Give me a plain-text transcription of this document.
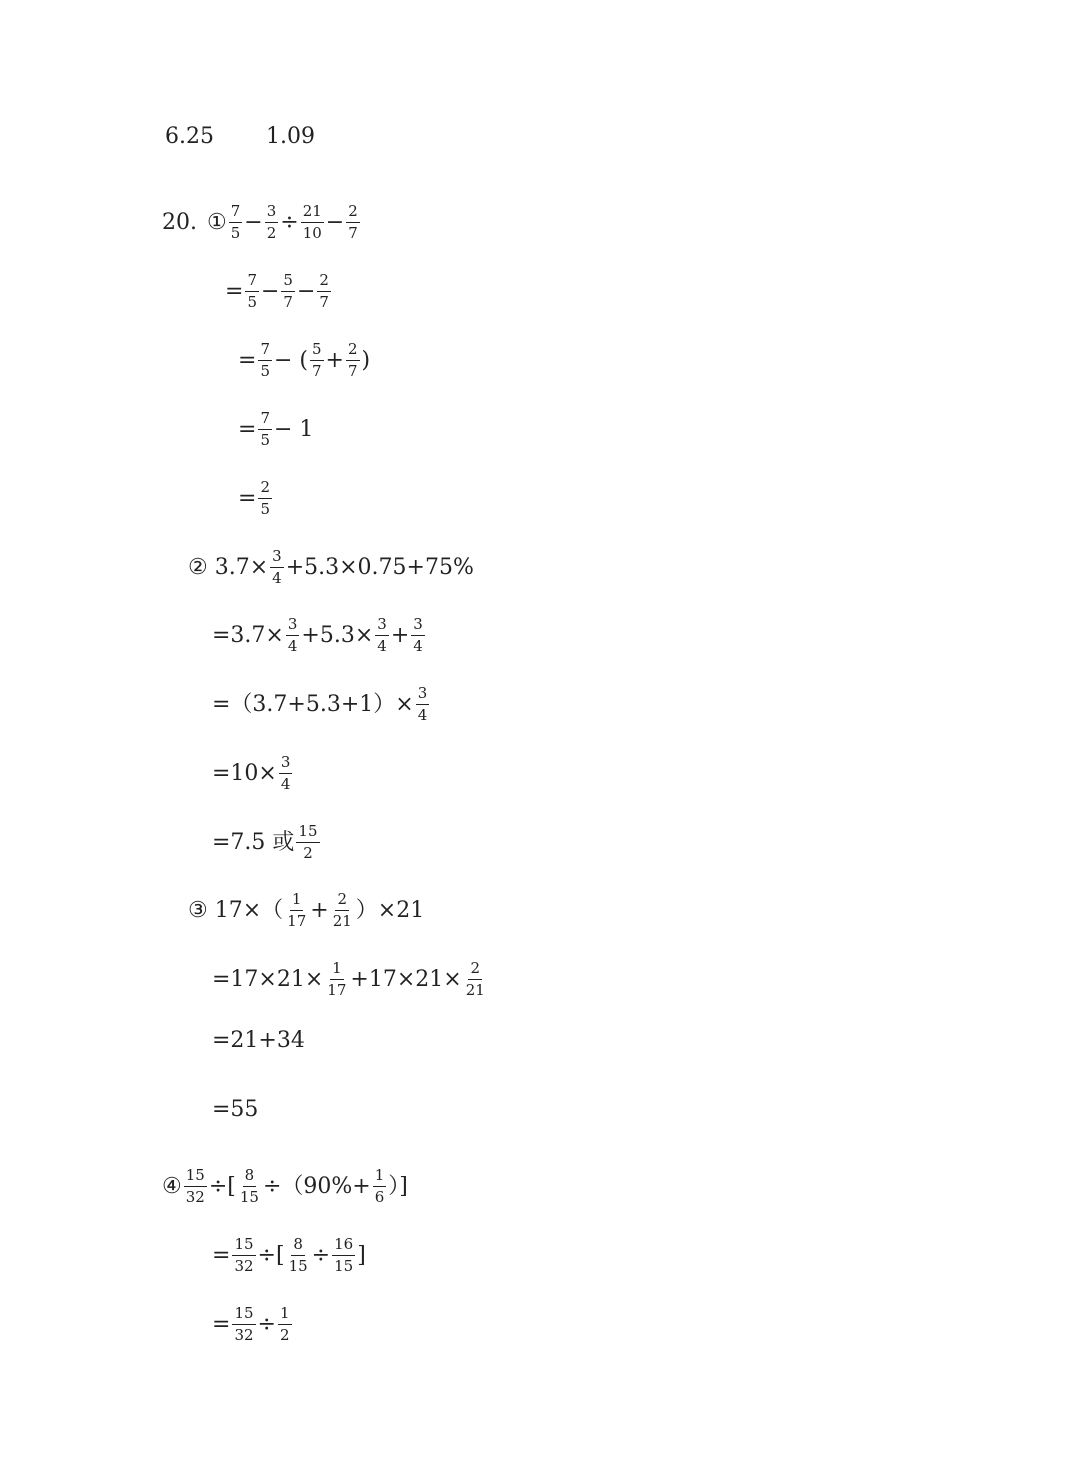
6.25 1.09
20. ① $\frac{7}{5} - \frac{3}{2} \div \frac{21}{10} - \frac{2}{7}$
= $\frac{7}{5} - \frac{5}{7} - \frac{2}{7}$
= $\frac{7}{5}$ − ( $\frac{5}{7} + \frac{2}{7}$ )
= $\frac{7}{5} - 1$
= $\frac{2}{5}$
② $3.7\times \frac{3}{4} +5.3\times 0.75+75\%$
$=3.7\times \frac{3}{4} +5.3\times \frac{3}{4} + \frac{3}{4}$
$=(3.7+5.3+1)\times \frac{3}{4}$
$=10\times \frac{3}{4}$
=7.5 或 $\frac{15}{2}$
③ $17\times( \frac{1}{17} + \frac{2}{21} )\times 21$
$=17\times 21\times \frac{1}{17} +17\times 21\times \frac{2}{21}$
=21+34
=55
④ $\frac{15}{32}$ ÷[ $\frac{8}{15} \div(90\%+ \frac{1}{6}$ ）]
= $\frac{15}{32}$ ÷[ $\frac{8}{15} \div \frac{16}{15}$ ]
= $\frac{15}{32} \div \frac{1}{2}$
